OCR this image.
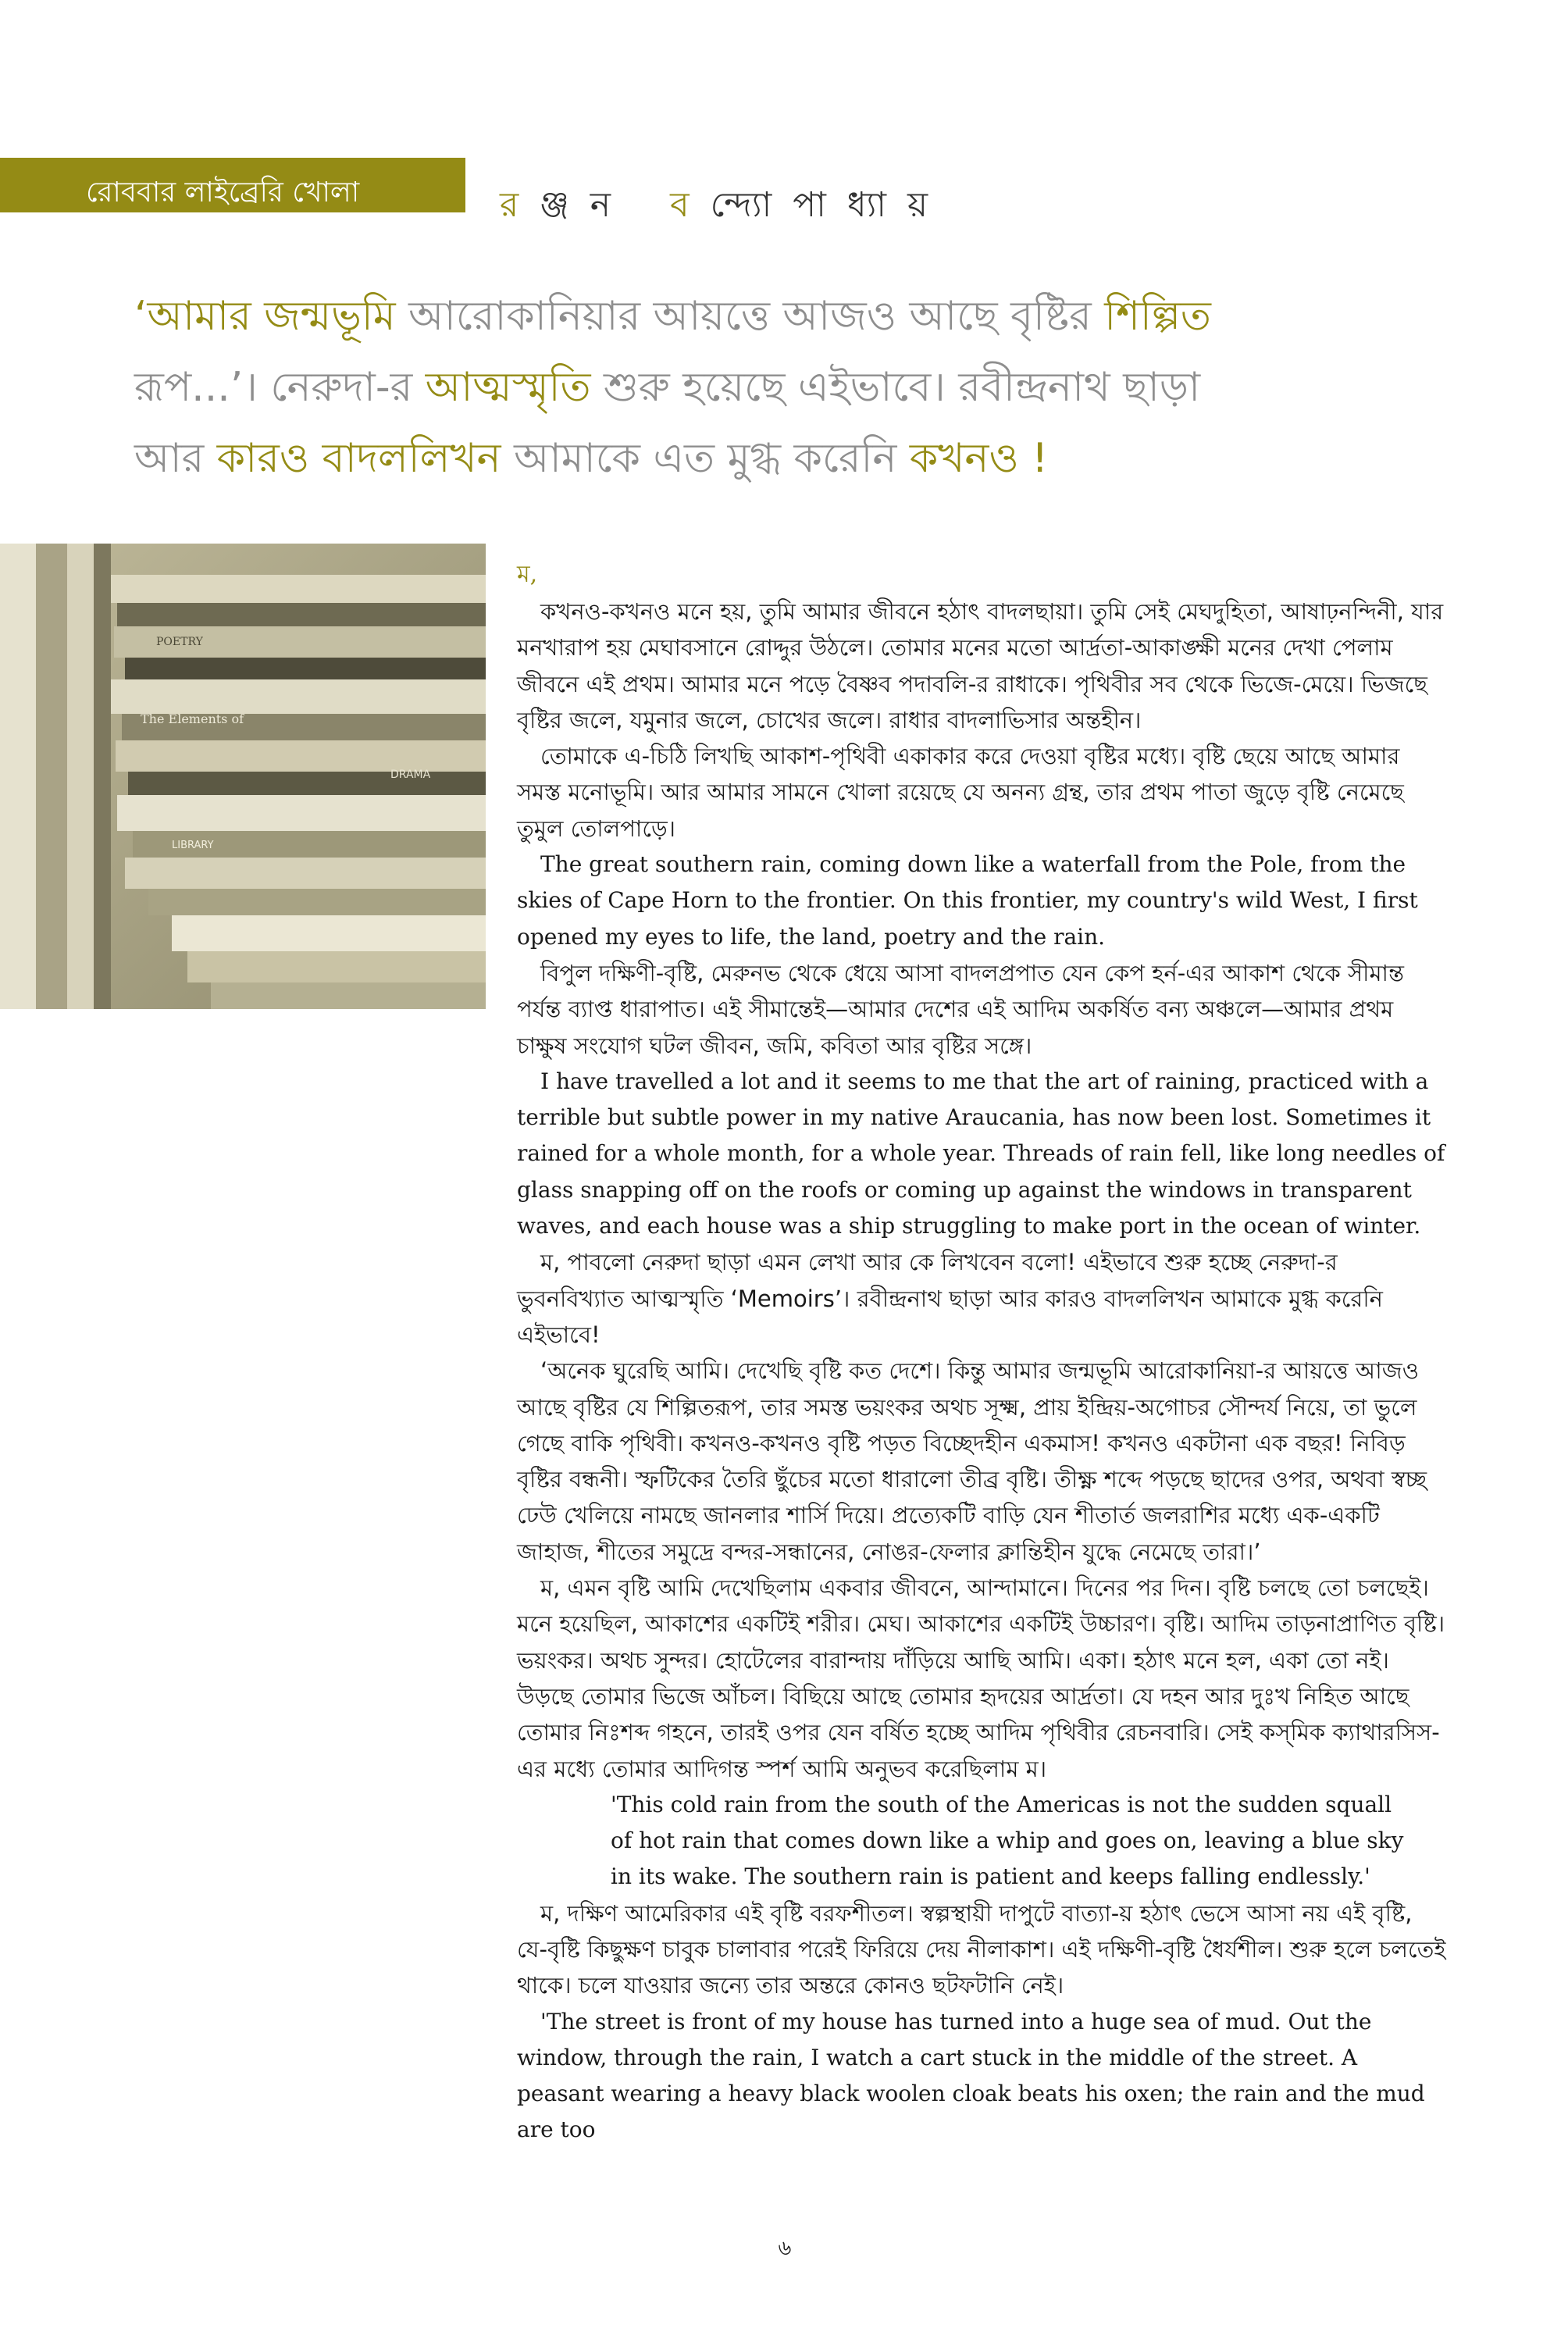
রোববার লাইব্রেরি খোলা	র ঞ্জ ন   ব ন্দ্যো পা ধ্যা য়
‘আমার জন্মভূমি আরোকানিয়ার আয়ত্তে আজও আছে বৃষ্টির শিল্পিত
রূপ...’। নেরুদা-র আত্মস্মৃতি শুরু হয়েছে এইভাবে। রবীন্দ্রনাথ ছাড়া
আর কারও বাদললিখন আমাকে এত মুগ্ধ করেনি কখনও !
The Elements of
DRAMA
POETRY
LIBRARY
ম,

কখনও-কখনও মনে হয়, তুমি আমার জীবনে হঠাৎ বাদলছায়া। তুমি সেই মেঘদুহিতা, আষাঢ়নন্দিনী, যার মনখারাপ হয় মেঘাবসানে রোদ্দুর উঠলে। তোমার মনের মতো আর্দ্রতা-আকাঙ্ক্ষী মনের দেখা পেলাম জীবনে এই প্রথম। আমার মনে পড়ে বৈষ্ণব পদাবলি-র রাধাকে। পৃথিবীর সব থেকে ভিজে-মেয়ে। ভিজছে বৃষ্টির জলে, যমুনার জলে, চোখের জলে। রাধার বাদলাভিসার অন্তহীন।

তোমাকে এ-চিঠি লিখছি আকাশ-পৃথিবী একাকার করে দেওয়া বৃষ্টির মধ্যে। বৃষ্টি ছেয়ে আছে আমার সমস্ত মনোভূমি। আর আমার সামনে খোলা রয়েছে যে অনন্য গ্রন্থ, তার প্রথম পাতা জুড়ে বৃষ্টি নেমেছে তুমুল তোলপাড়ে।

The great southern rain, coming down like a waterfall from the Pole, from the skies of Cape Horn to the frontier. On this frontier, my country's wild West, I first opened my eyes to life, the land, poetry and the rain.

বিপুল দক্ষিণী-বৃষ্টি, মেরুনভ থেকে ধেয়ে আসা বাদলপ্রপাত যেন কেপ হর্ন-এর আকাশ থেকে সীমান্ত পর্যন্ত ব্যাপ্ত ধারাপাত। এই সীমান্তেই—আমার দেশের এই আদিম অকর্ষিত বন্য অঞ্চলে—আমার প্রথম চাক্ষুষ সংযোগ ঘটল জীবন, জমি, কবিতা আর বৃষ্টির সঙ্গে।

I have travelled a lot and it seems to me that the art of raining, practiced with a terrible but subtle power in my native Araucania, has now been lost. Sometimes it rained for a whole month, for a whole year. Threads of rain fell, like long needles of glass snapping off on the roofs or coming up against the windows in transparent waves, and each house was a ship struggling to make port in the ocean of winter.

ম, পাবলো নেরুদা ছাড়া এমন লেখা আর কে লিখবেন বলো! এইভাবে শুরু হচ্ছে নেরুদা-র ভুবনবিখ্যাত আত্মস্মৃতি ‘Memoirs’। রবীন্দ্রনাথ ছাড়া আর কারও বাদললিখন আমাকে মুগ্ধ করেনি এইভাবে!

‘অনেক ঘুরেছি আমি। দেখেছি বৃষ্টি কত দেশে। কিন্তু আমার জন্মভূমি আরোকানিয়া-র আয়ত্তে আজও আছে বৃষ্টির যে শিল্পিতরূপ, তার সমস্ত ভয়ংকর অথচ সূক্ষ্ম, প্রায় ইন্দ্রিয়-অগোচর সৌন্দর্য নিয়ে, তা ভুলে গেছে বাকি পৃথিবী। কখনও-কখনও বৃষ্টি পড়ত বিচ্ছেদহীন একমাস! কখনও একটানা এক বছর! নিবিড় বৃষ্টির বন্ধনী। স্ফটিকের তৈরি ছুঁচের মতো ধারালো তীব্র বৃষ্টি। তীক্ষ্ণ শব্দে পড়ছে ছাদের ওপর, অথবা স্বচ্ছ ঢেউ খেলিয়ে নামছে জানলার শার্সি দিয়ে। প্রত্যেকটি বাড়ি যেন শীতার্ত জলরাশির মধ্যে এক-একটি জাহাজ, শীতের সমুদ্রে বন্দর-সন্ধানের, নোঙর-ফেলার ক্লান্তিহীন যুদ্ধে নেমেছে তারা।’

ম, এমন বৃষ্টি আমি দেখেছিলাম একবার জীবনে, আন্দামানে। দিনের পর দিন। বৃষ্টি চলছে তো চলছেই। মনে হয়েছিল, আকাশের একটিই শরীর। মেঘ। আকাশের একটিই উচ্চারণ। বৃষ্টি। আদিম তাড়নাপ্রাণিত বৃষ্টি। ভয়ংকর। অথচ সুন্দর। হোটেলের বারান্দায় দাঁড়িয়ে আছি আমি। একা। হঠাৎ মনে হল, একা তো নই। উড়ছে তোমার ভিজে আঁচল। বিছিয়ে আছে তোমার হৃদয়ের আর্দ্রতা। যে দহন আর দুঃখ নিহিত আছে তোমার নিঃশব্দ গহনে, তারই ওপর যেন বর্ষিত হচ্ছে আদিম পৃথিবীর রেচনবারি। সেই কস্‌মিক ক্যাথারসিস-এর মধ্যে তোমার আদিগন্ত স্পর্শ আমি অনুভব করেছিলাম ম।

'This cold rain from the south of the Americas is not the sudden squall of hot rain that comes down like a whip and goes on, leaving a blue sky in its wake. The southern rain is patient and keeps falling endlessly.'

ম, দক্ষিণ আমেরিকার এই বৃষ্টি বরফশীতল। স্বল্পস্থায়ী দাপুটে বাত্যা-য় হঠাৎ ভেসে আসা নয় এই বৃষ্টি, যে-বৃষ্টি কিছুক্ষণ চাবুক চালাবার পরেই ফিরিয়ে দেয় নীলাকাশ। এই দক্ষিণী-বৃষ্টি ধৈর্যশীল। শুরু হলে চলতেই থাকে। চলে যাওয়ার জন্যে তার অন্তরে কোনও ছটফটানি নেই।

'The street is front of my house has turned into a huge sea of mud. Out the window, through the rain, I watch a cart stuck in the middle of the street. A peasant wearing a heavy black woolen cloak beats his oxen; the rain and the mud are too

৬
